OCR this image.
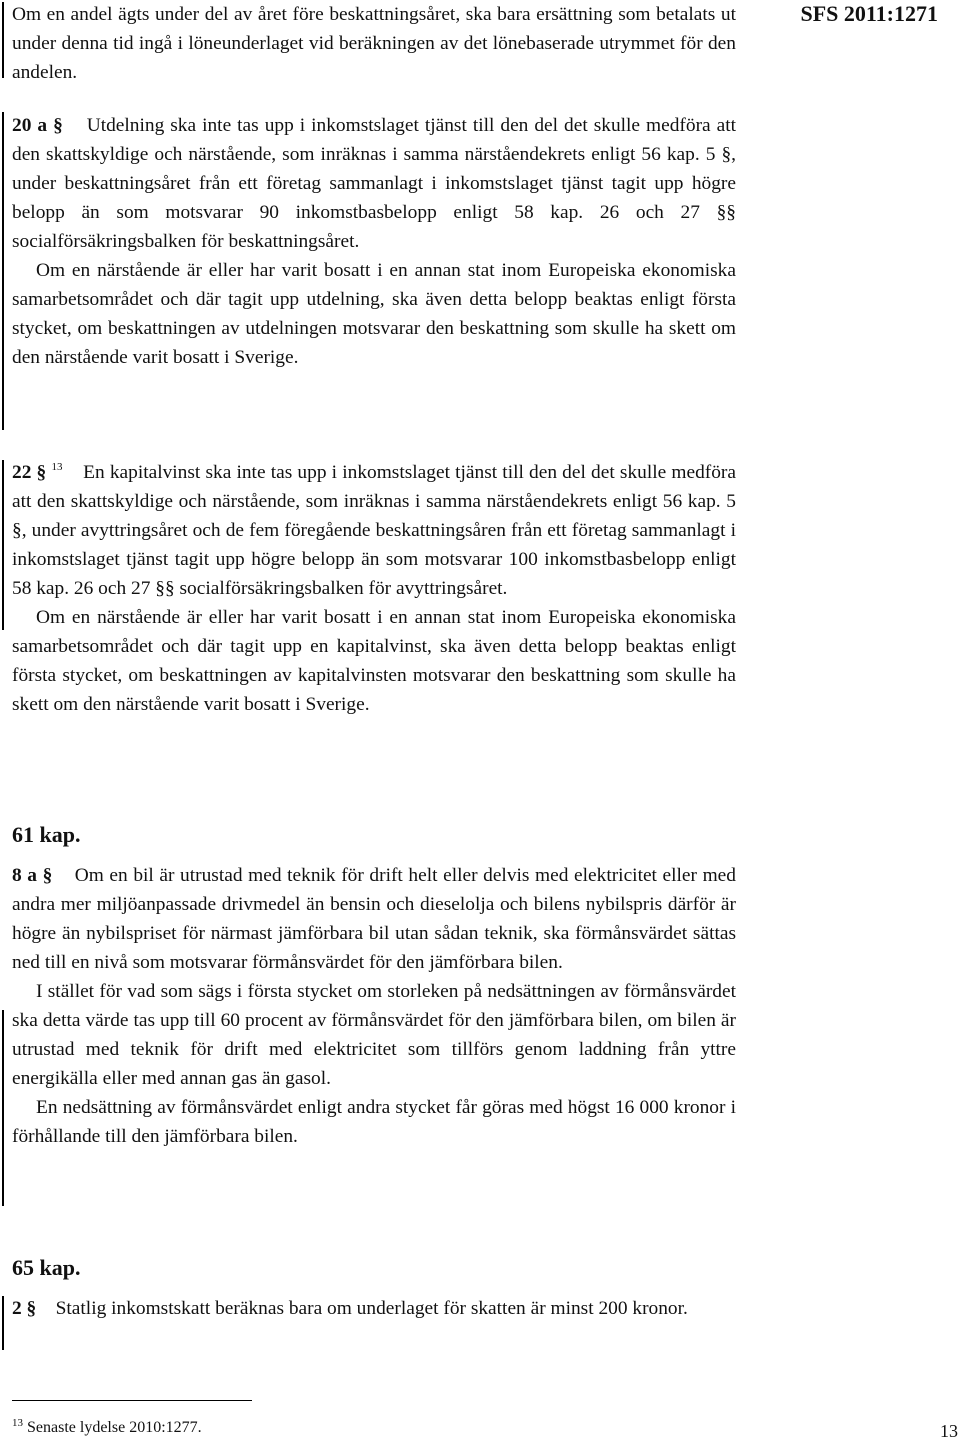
SFS 2011:1271

Om en andel ägts under del av året före beskattningsåret, ska bara ersättning som betalats ut under denna tid ingå i löneunderlaget vid beräkningen av det lönebaserade utrymmet för den andelen.

20 a § Utdelning ska inte tas upp i inkomstslaget tjänst till den del det skulle medföra att den skattskyldige och närstående, som inräknas i samma närståendekrets enligt 56 kap. 5 §, under beskattningsåret från ett företag sammanlagt i inkomstslaget tjänst tagit upp högre belopp än som motsvarar 90 inkomstbasbelopp enligt 58 kap. 26 och 27 §§ socialförsäkringsbalken för beskattningsåret.

Om en närstående är eller har varit bosatt i en annan stat inom Europeiska ekonomiska samarbetsområdet och där tagit upp utdelning, ska även detta belopp beaktas enligt första stycket, om beskattningen av utdelningen motsvarar den beskattning som skulle ha skett om den närstående varit bosatt i Sverige.

22 § $^{13}$ En kapitalvinst ska inte tas upp i inkomstslaget tjänst till den del det skulle medföra att den skattskyldige och närstående, som inräknas i samma närståendekrets enligt 56 kap. 5 §, under avyttringsåret och de fem föregående beskattningsåren från ett företag sammanlagt i inkomstslaget tjänst tagit upp högre belopp än som motsvarar 100 inkomstbasbelopp enligt 58 kap. 26 och 27 §§ socialförsäkringsbalken för avyttringsåret.

Om en närstående är eller har varit bosatt i en annan stat inom Europeiska ekonomiska samarbetsområdet och där tagit upp en kapitalvinst, ska även detta belopp beaktas enligt första stycket, om beskattningen av kapitalvinsten motsvarar den beskattning som skulle ha skett om den närstående varit bosatt i Sverige.

61 kap.

8 a § Om en bil är utrustad med teknik för drift helt eller delvis med elektricitet eller med andra mer miljöanpassade drivmedel än bensin och dieselolja och bilens nybilspris därför är högre än nybilspriset för närmast jämförbara bil utan sådan teknik, ska förmånsvärdet sättas ned till en nivå som motsvarar förmånsvärdet för den jämförbara bilen.

I stället för vad som sägs i första stycket om storleken på nedsättningen av förmånsvärdet ska detta värde tas upp till 60 procent av förmånsvärdet för den jämförbara bilen, om bilen är utrustad med teknik för drift med elektricitet som tillförs genom laddning från yttre energikälla eller med annan gas än gasol.

En nedsättning av förmånsvärdet enligt andra stycket får göras med högst 16 000 kronor i förhållande till den jämförbara bilen.

65 kap.

2 § Statlig inkomstskatt beräknas bara om underlaget för skatten är minst 200 kronor.

$^{13}$ Senaste lydelse 2010:1277.	13
